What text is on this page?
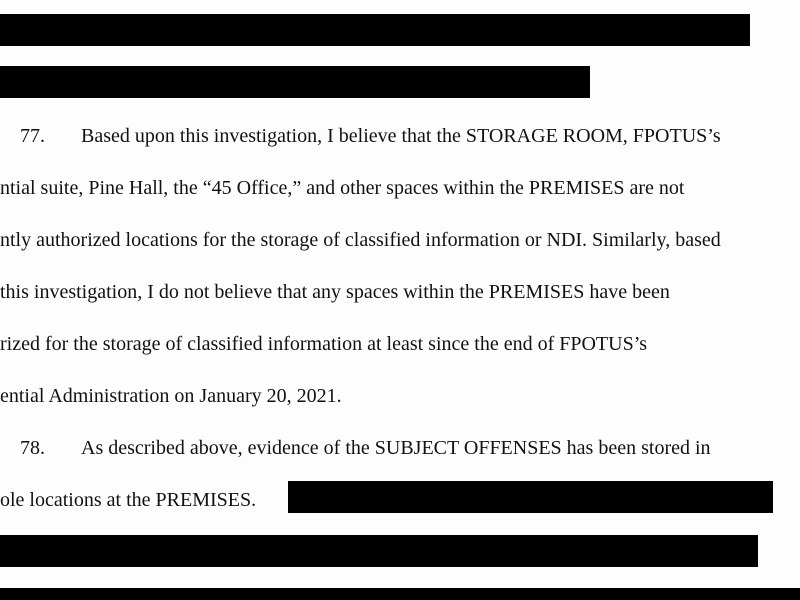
77. Based upon this investigation, I believe that the STORAGE ROOM, FPOTUS’s
ntial suite, Pine Hall, the “45 Office,” and other spaces within the PREMISES are not
ntly authorized locations for the storage of classified information or NDI. Similarly, based
this investigation, I do not believe that any spaces within the PREMISES have been
rized for the storage of classified information at least since the end of FPOTUS’s
ential Administration on January 20, 2021.
78. As described above, evidence of the SUBJECT OFFENSES has been stored in
ole locations at the PREMISES.
